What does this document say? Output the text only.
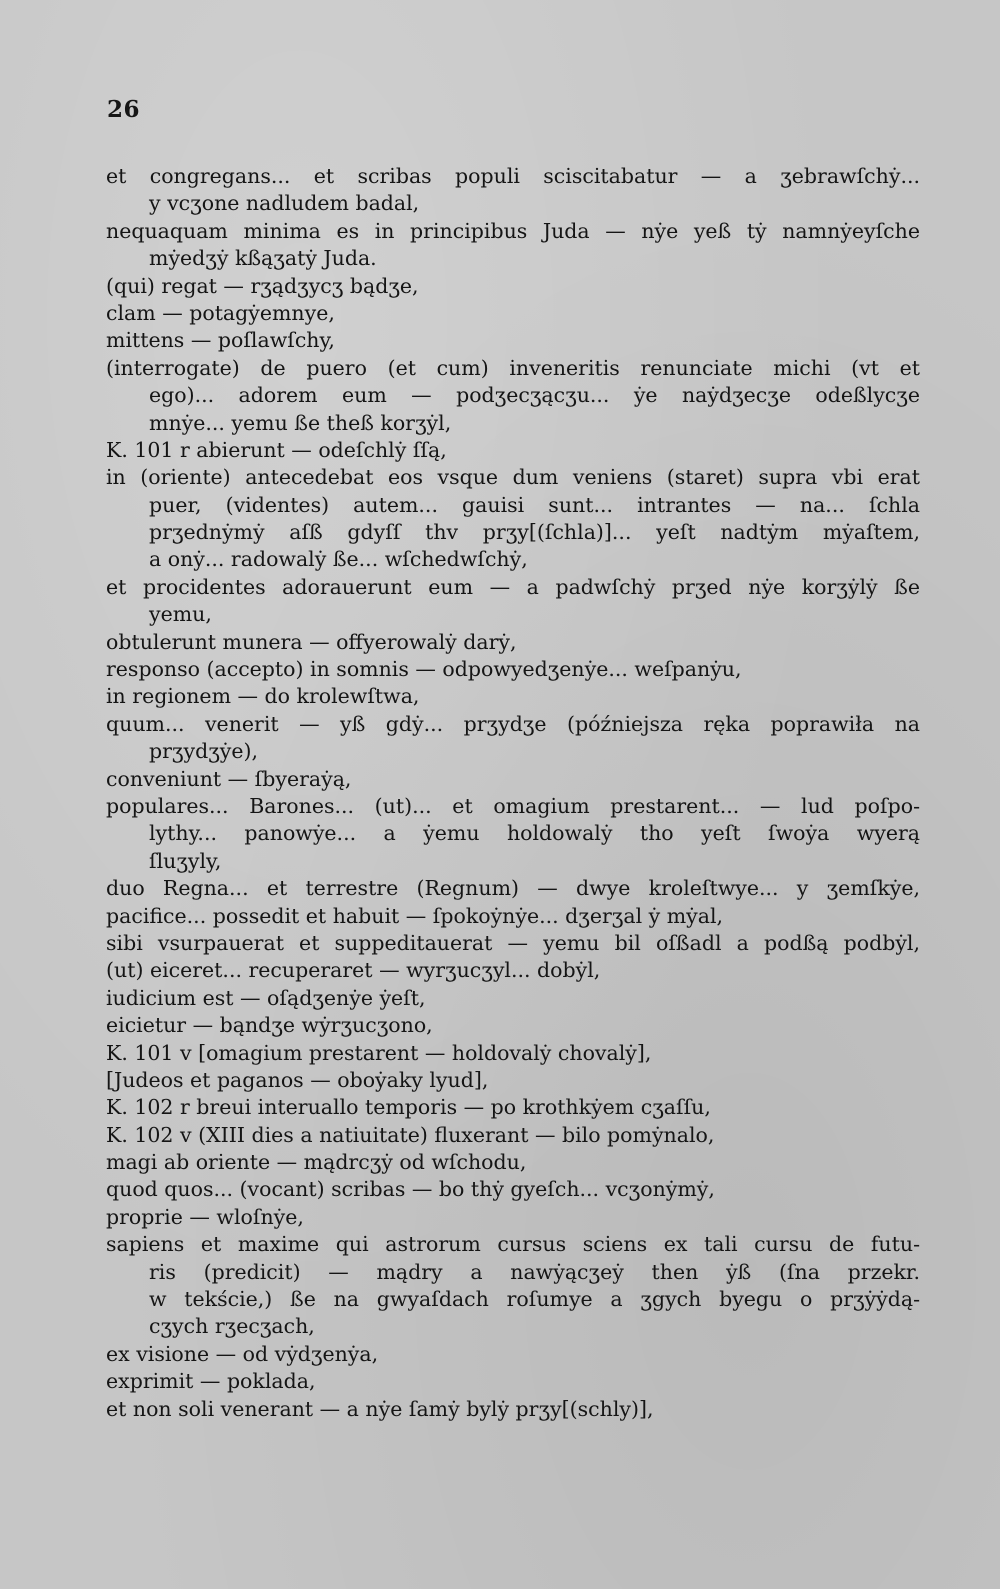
26
et congregans... et scribas populi sciscitabatur — a ʒebrawſchẏ...
y vcʒone nadludem badal,
nequaquam minima es in principibus Juda — nẏe yeß tẏ namnẏeyſche
mẏedʒẏ kßąʒatẏ Juda.
(qui) regat — rʒądʒycʒ bądʒe,
clam — potagẏemnye,
mittens — poſlawſchy,
(interrogate) de puero (et cum) inveneritis renunciate michi (vt et
ego)... adorem eum — podʒecʒącʒu... ẏe naẏdʒecʒe odeßlycʒe
mnẏe... yemu ße theß korʒẏl,
K. 101 r abierunt — odeſchlẏ ſſą,
in (oriente) antecedebat eos vsque dum veniens (staret) supra vbi erat
puer, (videntes) autem... gauisi sunt... intrantes — na... ſchla
prʒednẏmẏ aſß gdyſſ thv prʒy[(ſchla)]... yeſt nadtẏm mẏaſtem,
a onẏ... radowalẏ ße... wſchedwſchẏ,
et procidentes adorauerunt eum — a padwſchẏ prʒed nẏe korʒẏlẏ ße
yemu,
obtulerunt munera — offyerowalẏ darẏ,
responso (accepto) in somnis — odpowyedʒenẏe... weſpanẏu,
in regionem — do krolewſtwa,
quum... venerit — yß gdẏ... prʒydʒe (późniejsza ręka poprawiła na
prʒydʒẏe),
conveniunt — ſbyeraẏą,
populares... Barones... (ut)... et omagium prestarent... — lud poſpo-
lythy... panowẏe... a ẏemu holdowalẏ tho yeſt ſwoẏa wyerą
ſluʒyly,
duo Regna... et terrestre (Regnum) — dwye kroleſtwye... y ʒemſkẏe,
pacifice... possedit et habuit — ſpokoẏnẏe... dʒerʒal ẏ mẏal,
sibi vsurpauerat et suppeditauerat — yemu bil oſßadl a podßą podbẏl,
(ut) eiceret... recuperaret — wyrʒucʒyl... dobẏl,
iudicium est — oſądʒenẏe ẏeſt,
eicietur — bąndʒe wẏrʒucʒono,
K. 101 v [omagium prestarent — holdovalẏ chovalẏ],
[Judeos et paganos — oboẏaky lyud],
K. 102 r breui interuallo temporis — po krothkẏem cʒaſſu,
K. 102 v (XIII dies a natiuitate) fluxerant — bilo pomẏnalo,
magi ab oriente — mądrcʒẏ od wſchodu,
quod quos... (vocant) scribas — bo thẏ gyeſch... vcʒonẏmẏ,
proprie — wloſnẏe,
sapiens et maxime qui astrorum cursus sciens ex tali cursu de futu-
ris (predicit) — mądry a nawẏącʒeẏ then ẏß (ſna przekr.
w tekście,) ße na gwyaſdach roſumye a ʒgych byegu o prʒẏẏdą-
cʒych rʒecʒach,
ex visione — od vẏdʒenẏa,
exprimit — poklada,
et non soli venerant — a nẏe ſamẏ bylẏ prʒy[(schly)],
